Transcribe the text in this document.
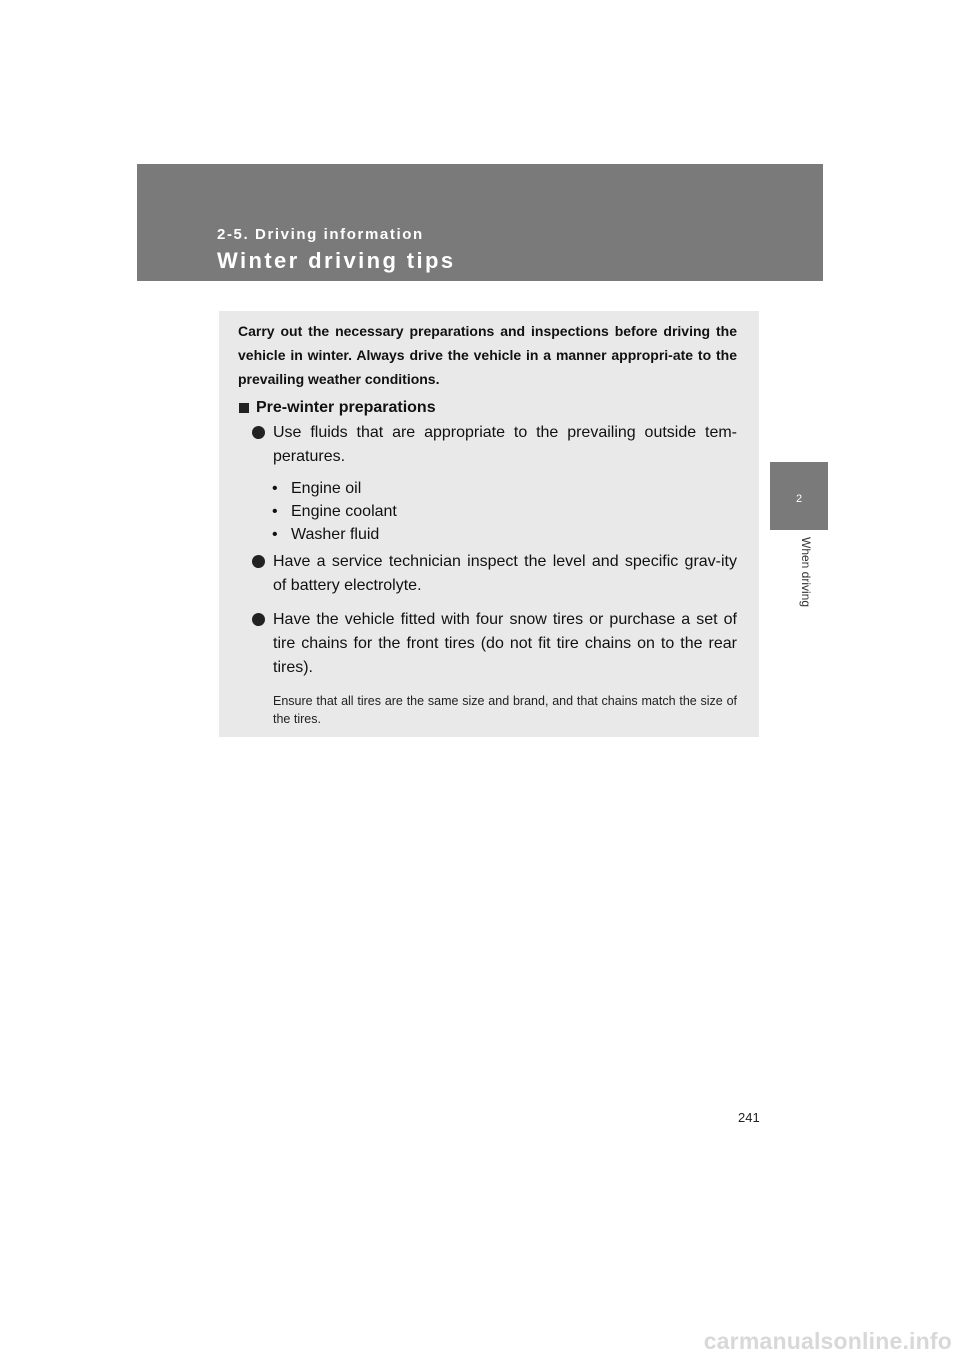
2-5. Driving information
Winter driving tips
2
When driving

Carry out the necessary preparations and inspections before driving the vehicle in winter. Always drive the vehicle in a manner appropri-ate to the prevailing weather conditions.

Pre-winter preparations
Use fluids that are appropriate to the prevailing outside tem-peratures.
• Engine oil
• Engine coolant
• Washer fluid
Have a service technician inspect the level and specific grav-ity of battery electrolyte.
Have the vehicle fitted with four snow tires or purchase a set of tire chains for the front tires (do not fit tire chains on to the rear tires).
Ensure that all tires are the same size and brand, and that chains match the size of the tires.
241
carmanualsonline.info
